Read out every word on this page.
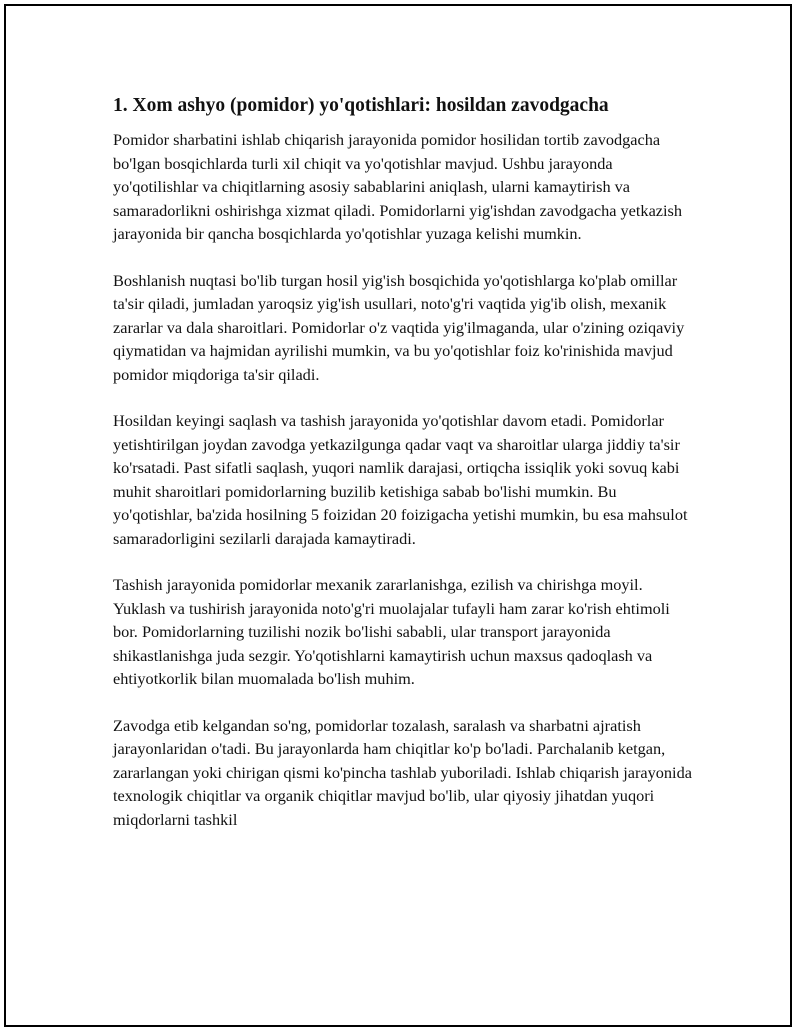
1. Xom ashyo (pomidor) yo'qotishlari: hosildan zavodgacha

Pomidor sharbatini ishlab chiqarish jarayonida pomidor hosilidan tortib zavodgacha bo'lgan bosqichlarda turli xil chiqit va yo'qotishlar mavjud. Ushbu jarayonda yo'qotilishlar va chiqitlarning asosiy sabablarini aniqlash, ularni kamaytirish va samaradorlikni oshirishga xizmat qiladi. Pomidorlarni yig'ishdan zavodgacha yetkazish jarayonida bir qancha bosqichlarda yo'qotishlar yuzaga kelishi mumkin.

Boshlanish nuqtasi bo'lib turgan hosil yig'ish bosqichida yo'qotishlarga ko'plab omillar ta'sir qiladi, jumladan yaroqsiz yig'ish usullari, noto'g'ri vaqtida yig'ib olish, mexanik zararlar va dala sharoitlari. Pomidorlar o'z vaqtida yig'ilmaganda, ular o'zining oziqaviy qiymatidan va hajmidan ayrilishi mumkin, va bu yo'qotishlar foiz ko'rinishida mavjud pomidor miqdoriga ta'sir qiladi.

Hosildan keyingi saqlash va tashish jarayonida yo'qotishlar davom etadi. Pomidorlar yetishtirilgan joydan zavodga yetkazilgunga qadar vaqt va sharoitlar ularga jiddiy ta'sir ko'rsatadi. Past sifatli saqlash, yuqori namlik darajasi, ortiqcha issiqlik yoki sovuq kabi muhit sharoitlari pomidorlarning buzilib ketishiga sabab bo'lishi mumkin. Bu yo'qotishlar, ba'zida hosilning 5 foizidan 20 foizigacha yetishi mumkin, bu esa mahsulot samaradorligini sezilarli darajada kamaytiradi.

Tashish jarayonida pomidorlar mexanik zararlanishga, ezilish va chirishga moyil. Yuklash va tushirish jarayonida noto'g'ri muolajalar tufayli ham zarar ko'rish ehtimoli bor. Pomidorlarning tuzilishi nozik bo'lishi sababli, ular transport jarayonida shikastlanishga juda sezgir. Yo'qotishlarni kamaytirish uchun maxsus qadoqlash va ehtiyotkorlik bilan muomalada bo'lish muhim.

Zavodga etib kelgandan so'ng, pomidorlar tozalash, saralash va sharbatni ajratish jarayonlaridan o'tadi. Bu jarayonlarda ham chiqitlar ko'p bo'ladi. Parchalanib ketgan, zararlangan yoki chirigan qismi ko'pincha tashlab yuboriladi. Ishlab chiqarish jarayonida texnologik chiqitlar va organik chiqitlar mavjud bo'lib, ular qiyosiy jihatdan yuqori miqdorlarni tashkil
